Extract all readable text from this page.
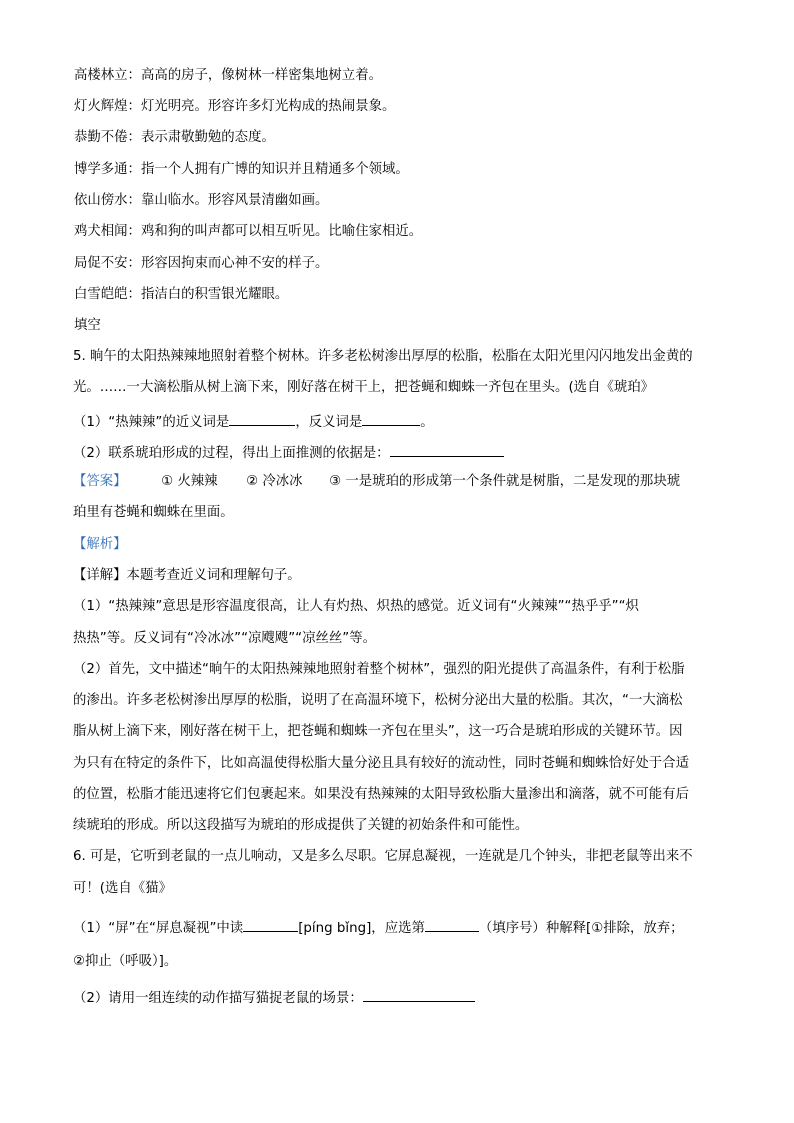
高楼林立：高高的房子，像树林一样密集地树立着。
灯火辉煌：灯光明亮。形容许多灯光构成的热闹景象。
恭勤不倦：表示肃敬勤勉的态度。
博学多通：指一个人拥有广博的知识并且精通多个领域。
依山傍水：靠山临水。形容风景清幽如画。
鸡犬相闻：鸡和狗的叫声都可以相互听见。比喻住家相近。
局促不安：形容因拘束而心神不安的样子。
白雪皑皑：指洁白的积雪银光耀眼。
填空
5. 晌午的太阳热辣辣地照射着整个树林。许多老松树渗出厚厚的松脂，松脂在太阳光里闪闪地发出金黄的
光。……一大滴松脂从树上滴下来，刚好落在树干上，把苍蝇和蜘蛛一齐包在里头。(选自《琥珀》
（1）“热辣辣”的近义词是	，反义词是	。
（2）联系琥珀形成的过程，得出上面推测的依据是：
【答案】	① 火辣辣 ② 冷冰冰 ③ 一是琥珀的形成第一个条件就是树脂，二是发现的那块琥
珀里有苍蝇和蜘蛛在里面。
【解析】
【详解】本题考查近义词和理解句子。
（1）“热辣辣”意思是形容温度很高，让人有灼热、炽热的感觉。近义词有“火辣辣”“热乎乎”“炽
热热”等。反义词有“冷冰冰”“凉飕飕”“凉丝丝”等。
（2）首先，文中描述“晌午的太阳热辣辣地照射着整个树林”，强烈的阳光提供了高温条件，有利于松脂
的渗出。许多老松树渗出厚厚的松脂，说明了在高温环境下，松树分泌出大量的松脂。其次，“一大滴松
脂从树上滴下来，刚好落在树干上，把苍蝇和蜘蛛一齐包在里头”，这一巧合是琥珀形成的关键环节。因
为只有在特定的条件下，比如高温使得松脂大量分泌且具有较好的流动性，同时苍蝇和蜘蛛恰好处于合适
的位置，松脂才能迅速将它们包裹起来。如果没有热辣辣的太阳导致松脂大量渗出和滴落，就不可能有后
续琥珀的形成。所以这段描写为琥珀的形成提供了关键的初始条件和可能性。
6. 可是，它听到老鼠的一点儿响动，又是多么尽职。它屏息凝视，一连就是几个钟头，非把老鼠等出来不
可！(选自《猫》
（1）“屏”在“屏息凝视”中读	[píng bǐng]，应选第	（填序号）种解释[①排除，放弃；
②抑止（呼吸）]。
（2）请用一组连续的动作描写猫捉老鼠的场景：
